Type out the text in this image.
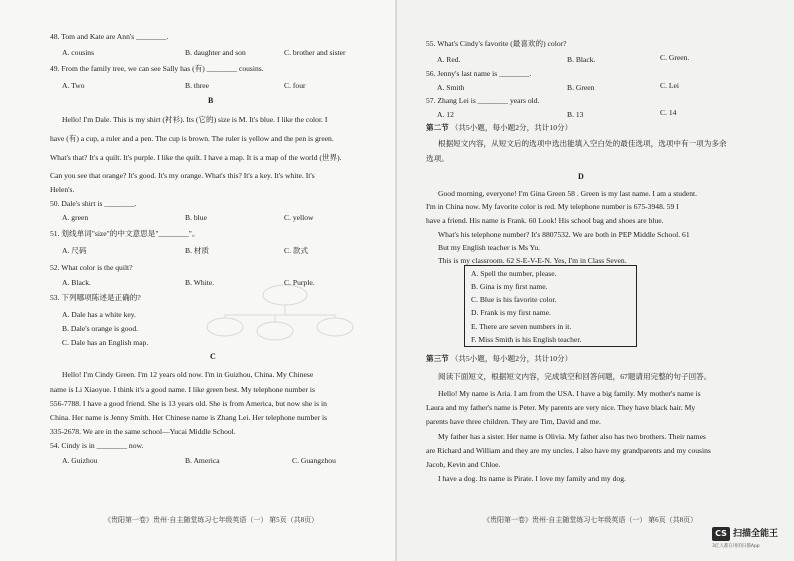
48. Tom and Kate are Ann's ________.
A. cousins	B. daughter and son	C. brother and sister
49. From the family tree, we can see Sally has (有) ________ cousins.
A. Two	B. three	C. four
B
Hello! I'm Dale. This is my shirt (衬衫). Its (它的) size is M. It's blue. I like the color. I
have (有) a cup, a ruler and a pen. The cup is brown. The ruler is yellow and the pen is green.
What's that? It's a quilt. It's purple. I like the quilt. I have a map. It is a map of the world (世界).
Can you see that orange? It's good. It's my orange. What's this? It's a key. It's white. It's
Helen's.
50. Dale's shirt is ________.
A. green	B. blue	C. yellow
51. 划线单词"size"的中文意思是"________"。
A. 尺码	B. 材质	C. 款式
52. What color is the quilt?
A. Black.	B. White.	C. Purple.
53. 下列哪项陈述是正确的?
A. Dale has a white key.
B. Dale's orange is good.
C. Dale has an English map.
C
Hello! I'm Cindy Green. I'm 12 years old now. I'm in Guizhou, China. My Chinese
name is Li Xiaoyue. I think it's a good name. I like green best. My telephone number is
556-7788. I have a good friend. She is 13 years old. She is from America, but now she is in
China. Her name is Jenny Smith. Her Chinese name is Zhang Lei. Her telephone number is
335-2678. We are in the same school—Yucai Middle School.
54. Cindy is in ________ now.
A. Guizhou	B. America	C. Guangzhou
《贵阳第一卷》贵州·自主随堂练习七年级英语（一） 第5页（共8页）
55. What's Cindy's favorite (最喜欢的) color?
A. Red.	B. Black.	C. Green.
56. Jenny's last name is ________.
A. Smith	B. Green	C. Lei
57. Zhang Lei is ________ years old.
A. 12	B. 13	C. 14
第二节 （共5小题，每小题2分，共计10分）
根据短文内容，从短文后的选项中选出能填入空白处的最佳选项，选项中有一项为多余
选项。
D
Good morning, everyone! I'm Gina Green 58 . Green is my last name. I am a student.
I'm in China now. My favorite color is red. My telephone number is 675-3948. 59 I
have a friend. His name is Frank. 60 Look! His school bag and shoes are blue.
What's his telephone number? It's 8807532. We are both in PEP Middle School. 61
But my English teacher is Ms Yu.
This is my classroom. 62 S-E-V-E-N. Yes, I'm in Class Seven.
A. Spell the number, please.
B. Gina is my first name.
C. Blue is his favorite color.
D. Frank is my first name.
E. There are seven numbers in it.
F. Miss Smith is his English teacher.
第三节 （共5小题，每小题2分，共计10分）
阅读下面短文，根据短文内容，完成填空和回答问题，67题请用完整的句子回答。
Hello! My name is Aria. I am from the USA. I have a big family. My mother's name is
Laura and my father's name is Peter. My parents are very nice. They have black hair. My
parents have three children. They are Tim, David and me.
My father has a sister. Her name is Olivia. My father also has two brothers. Their names
are Richard and William and they are my uncles. I also have my grandparents and my cousins
Jacob, Kevin and Chloe.
I have a dog. Its name is Pirate. I love my family and my dog.
《贵阳第一卷》贵州·自主随堂练习七年级英语（一） 第6页（共8页）
CS 扫描全能王
3亿人都在用的扫描App
